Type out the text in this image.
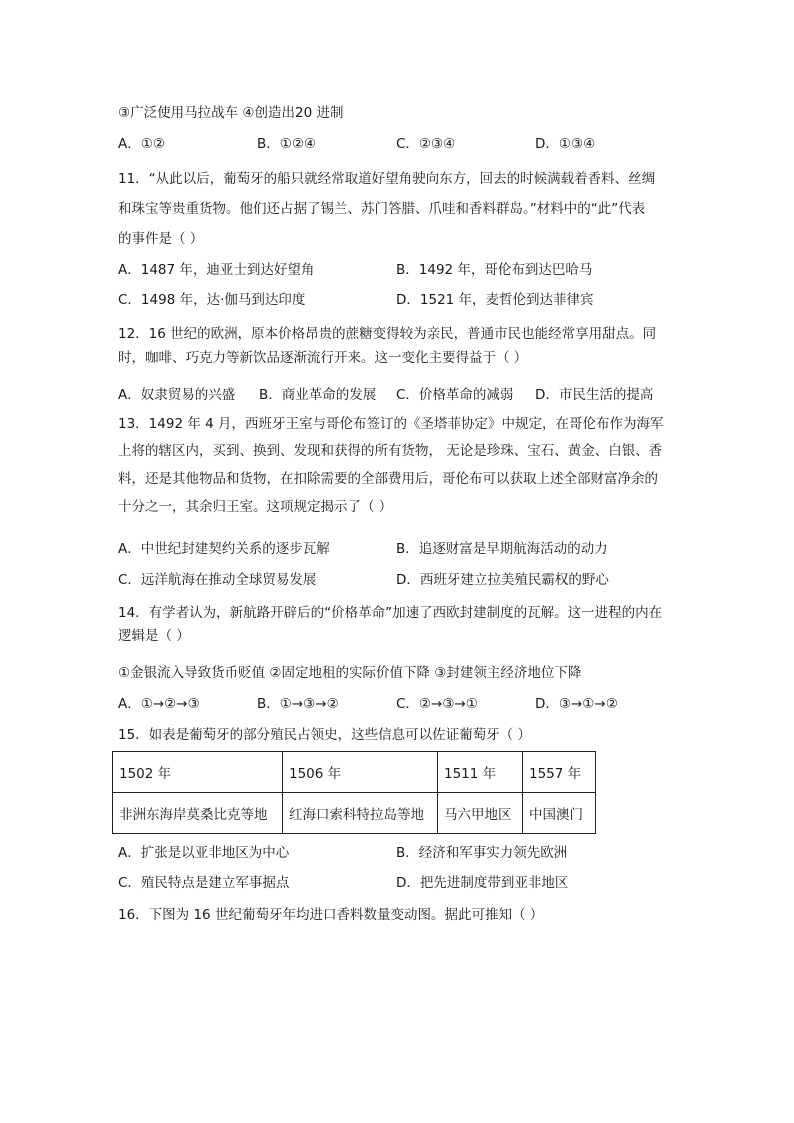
③广泛使用马拉战车 ④创造出20 进制
A．①②	B．①②④	C．②③④	D．①③④
11．“从此以后，葡萄牙的船只就经常取道好望角驶向东方，回去的时候满载着香料、丝绸
和珠宝等贵重货物。他们还占据了锡兰、苏门答腊、爪哇和香料群岛。”材料中的“此”代表
的事件是（ ）
A．1487 年，迪亚士到达好望角	B．1492 年，哥伦布到达巴哈马
C．1498 年，达·伽马到达印度	D．1521 年，麦哲伦到达菲律宾
12．16 世纪的欧洲，原本价格昂贵的蔗糖变得较为亲民，普通市民也能经常享用甜点。同
时，咖啡、巧克力等新饮品逐渐流行开来。这一变化主要得益于（ ）
A．奴隶贸易的兴盛 B．商业革命的发展 C．价格革命的减弱 D．市民生活的提高
13．1492 年 4 月，西班牙王室与哥伦布签订的《圣塔菲协定》中规定，在哥伦布作为海军
上将的辖区内，买到、换到、发现和获得的所有货物， 无论是珍珠、宝石、黄金、白银、香
料，还是其他物品和货物，在扣除需要的全部费用后，哥伦布可以获取上述全部财富净余的
十分之一，其余归王室。这项规定揭示了（ ）
A．中世纪封建契约关系的逐步瓦解	B．追逐财富是早期航海活动的动力
C．远洋航海在推动全球贸易发展	D．西班牙建立拉美殖民霸权的野心
14．有学者认为，新航路开辟后的“价格革命”加速了西欧封建制度的瓦解。这一进程的内在
逻辑是（ ）
①金银流入导致货币贬值 ②固定地租的实际价值下降 ③封建领主经济地位下降
A．①→②→③	B．①→③→②	C．②→③→①	D．③→①→②
15．如表是葡萄牙的部分殖民占领史，这些信息可以佐证葡萄牙（ ）
1502 年	1506 年	1511 年	1557 年
非洲东海岸莫桑比克等地	红海口索科特拉岛等地	马六甲地区	中国澳门
A．扩张是以亚非地区为中心	B．经济和军事实力领先欧洲
C．殖民特点是建立军事据点	D．把先进制度带到亚非地区
16．下图为 16 世纪葡萄牙年均进口香料数量变动图。据此可推知（ ）
